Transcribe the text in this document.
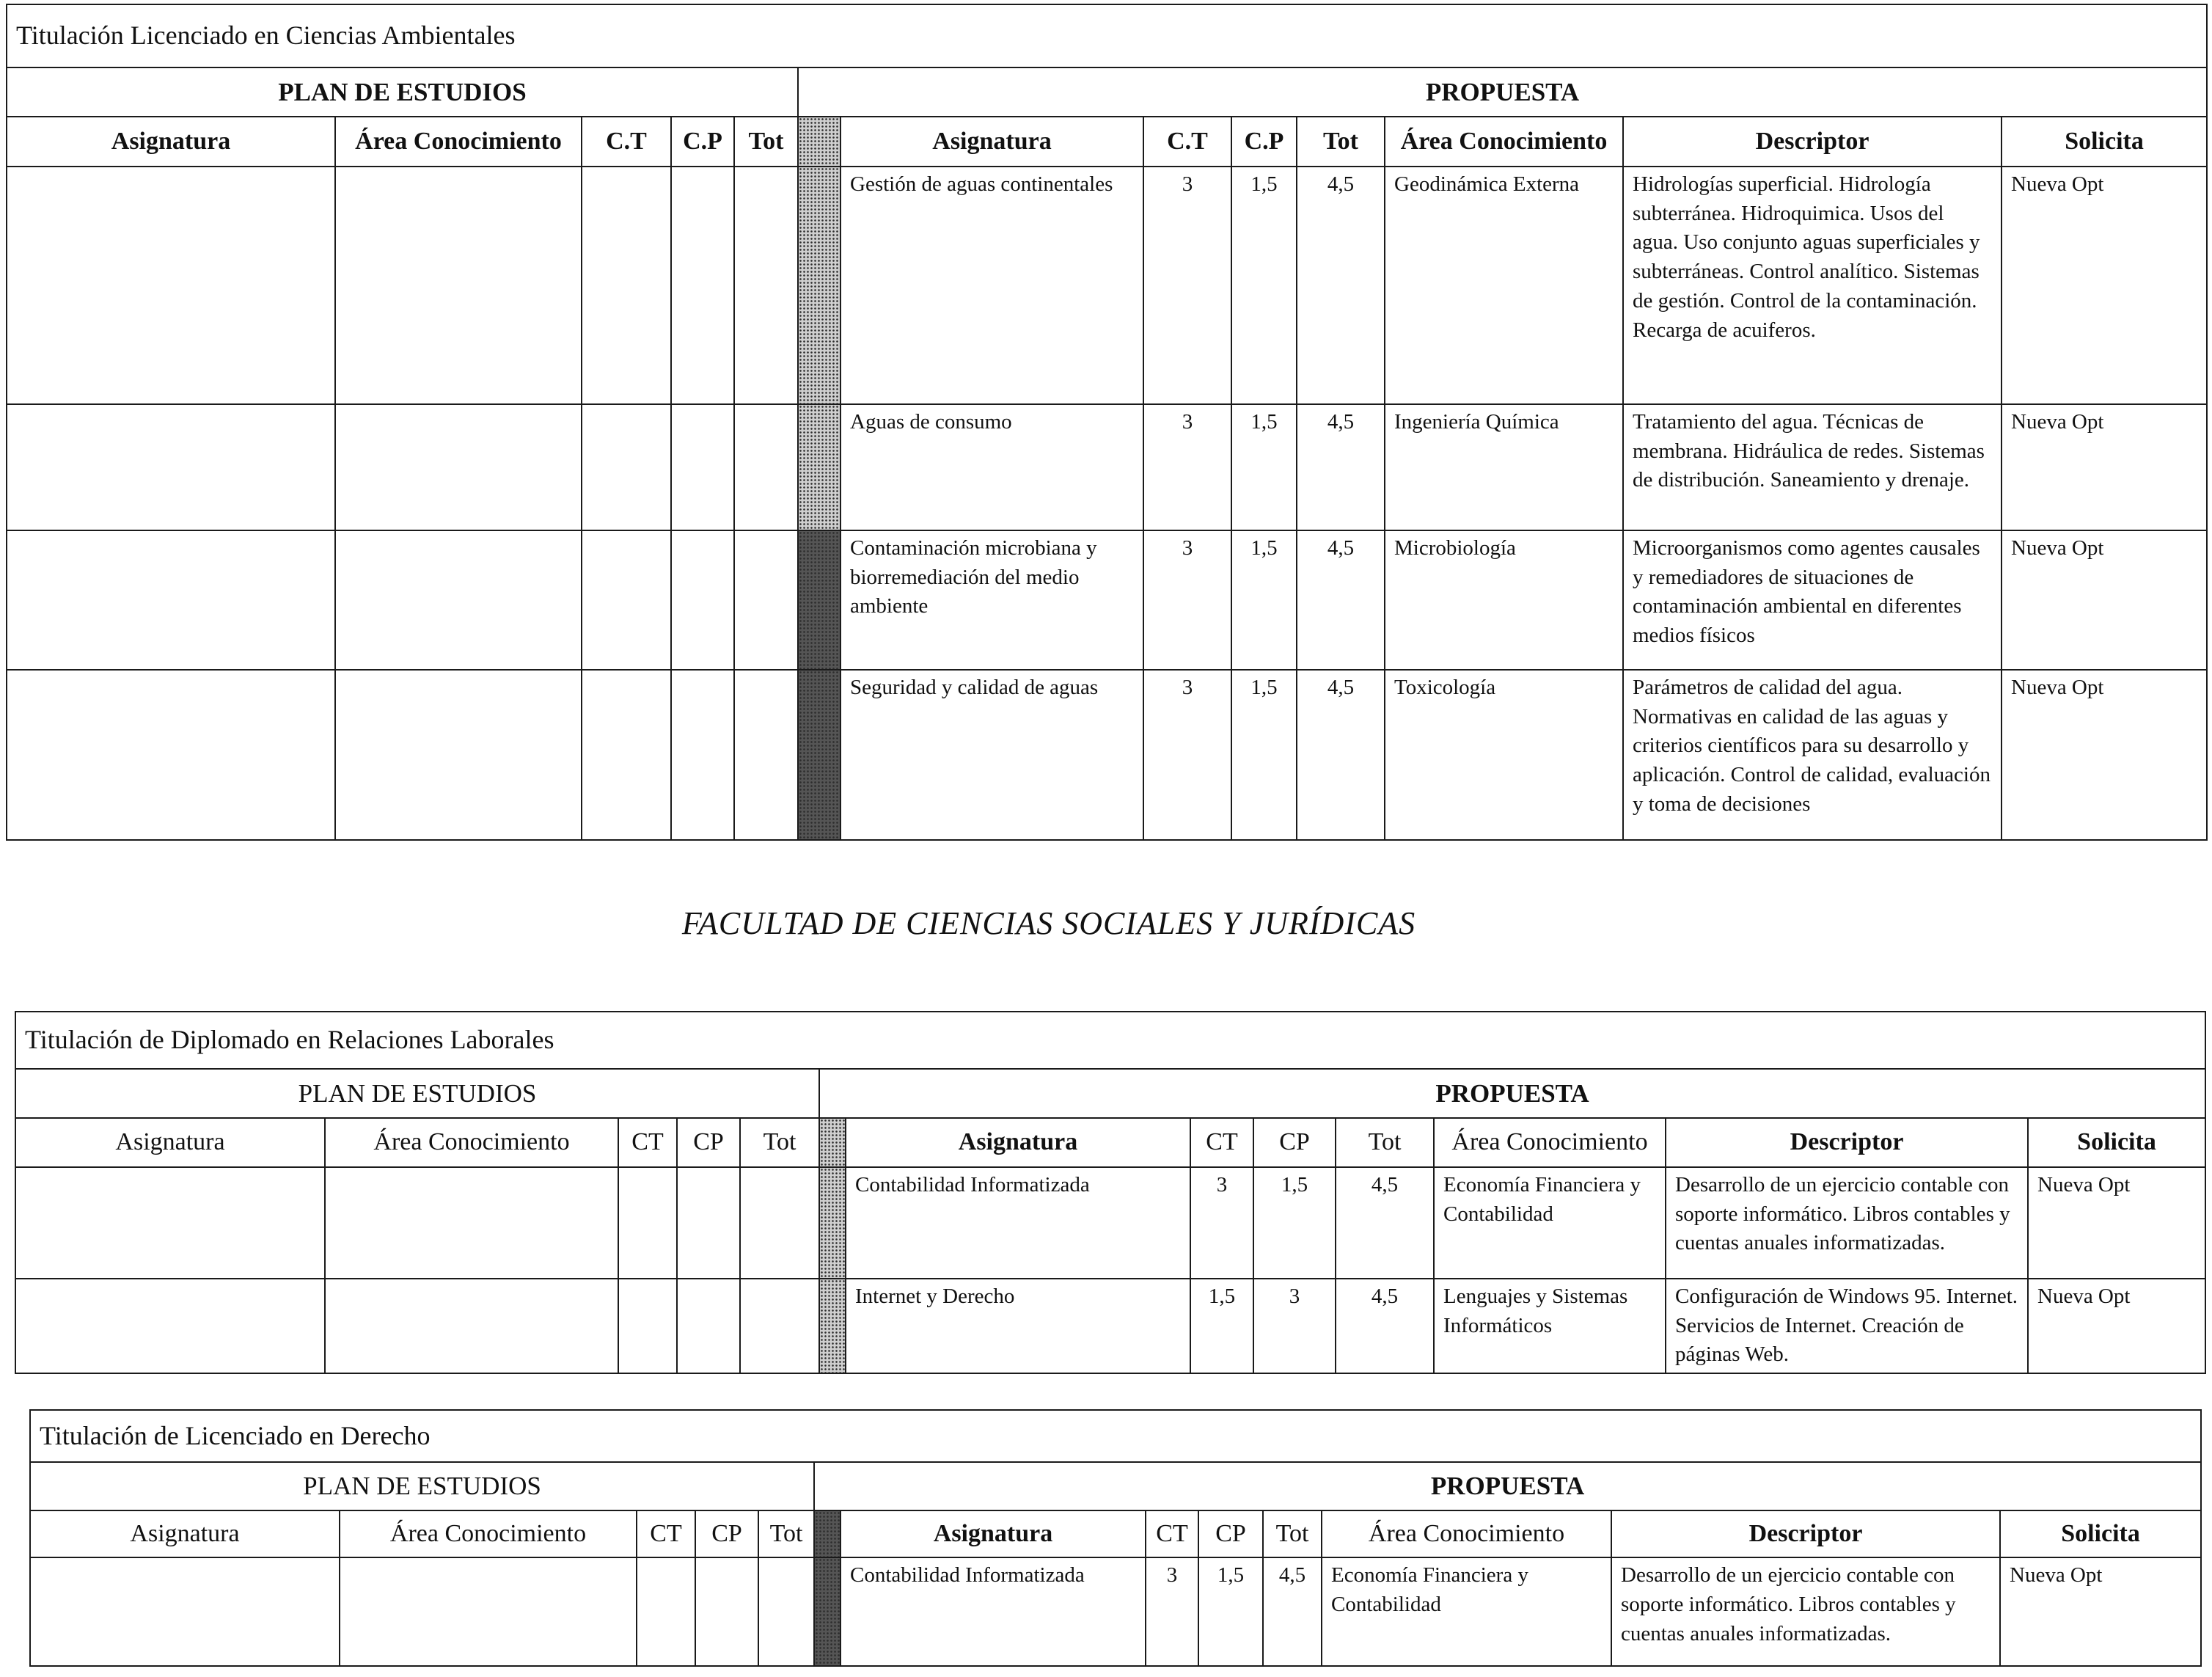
Titulación Licenciado en Ciencias Ambientales												
PLAN DE ESTUDIOS					PROPUESTA							
Asignatura	Área Conocimiento	C.T	C.P	Tot		Asignatura	C.T	C.P	Tot	Área Conocimiento	Descriptor	Solicita
						Gestión de aguas continentales	3	1,5	4,5	Geodinámica Externa	Hidrologías superficial. Hidrología subterránea. Hidroquimica. Usos del agua. Uso conjunto aguas superficiales y subterráneas. Control analítico. Sistemas de gestión. Control de la contaminación. Recarga de acuiferos.	Nueva Opt
						Aguas de consumo	3	1,5	4,5	Ingeniería Química	Tratamiento del agua. Técnicas de membrana. Hidráulica de redes. Sistemas de distribución. Saneamiento y drenaje.	Nueva Opt
						Contaminación microbiana y biorremediación del medio ambiente	3	1,5	4,5	Microbiología	Microorganismos como agentes causales y remediadores de situaciones de contaminación ambiental en diferentes medios físicos	Nueva Opt
						Seguridad y calidad de aguas	3	1,5	4,5	Toxicología	Parámetros de calidad del agua. Normativas en calidad de las aguas y criterios científicos para su desarrollo y aplicación. Control de calidad, evaluación y toma de decisiones	Nueva Opt
FACULTAD DE CIENCIAS SOCIALES Y JURÍDICAS
Titulación de Diplomado en Relaciones Laborales												
PLAN DE ESTUDIOS					PROPUESTA							
Asignatura	Área Conocimiento	CT	CP	Tot		Asignatura	CT	CP	Tot	Área Conocimiento	Descriptor	Solicita
						Contabilidad Informatizada	3	1,5	4,5	Economía Financiera y Contabilidad	Desarrollo de un ejercicio contable con soporte informático. Libros contables y cuentas anuales informatizadas.	Nueva Opt
						Internet y Derecho	1,5	3	4,5	Lenguajes y Sistemas Informáticos	Configuración de Windows 95. Internet. Servicios de Internet. Creación de páginas Web.	Nueva Opt
Titulación de Licenciado en Derecho												
PLAN DE ESTUDIOS					PROPUESTA							
Asignatura	Área Conocimiento	CT	CP	Tot		Asignatura	CT	CP	Tot	Área Conocimiento	Descriptor	Solicita
						Contabilidad Informatizada	3	1,5	4,5	Economía Financiera y Contabilidad	Desarrollo de un ejercicio contable con soporte informático. Libros contables y cuentas anuales informatizadas.	Nueva Opt
